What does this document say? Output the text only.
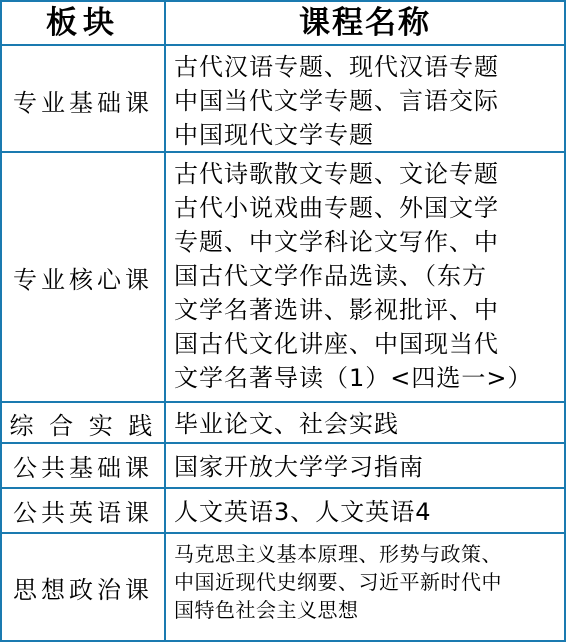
板块	课程名称
专业基础课
古代汉语专题、现代汉语专题
中国当代文学专题、言语交际
中国现代文学专题
专业核心课
古代诗歌散文专题、文论专题
古代小说戏曲专题、外国文学
专题、中文学科论文写作、中
国古代文学作品选读、（东方
文学名著选讲、影视批评、中
国古代文化讲座、中国现当代
文学名著导读（1）<四选一>）
综 合 实 践 毕业论文、社会实践
公共基础课 国家开放大学学习指南
公共英语课 人文英语3、人文英语4
思想政治课
马克思主义基本原理、形势与政策、
中国近现代史纲要、习近平新时代中
国特色社会主义思想
